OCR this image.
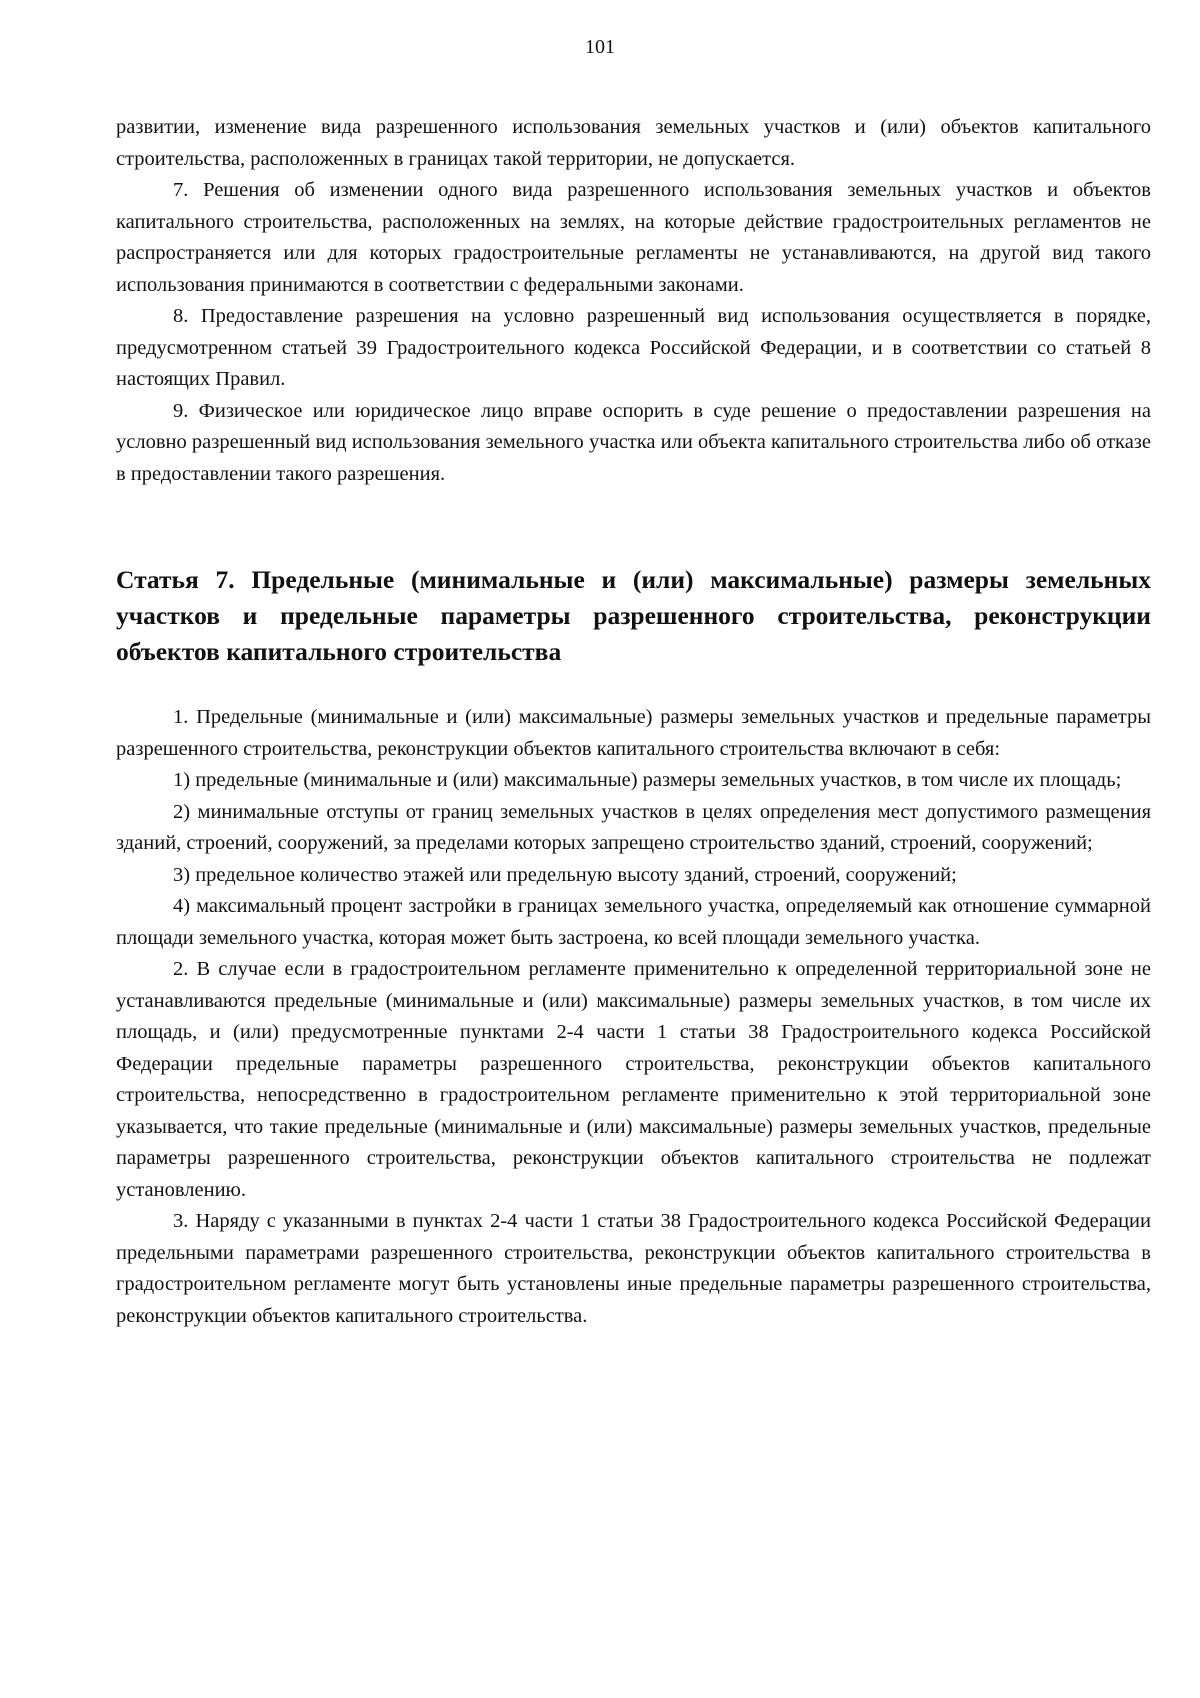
101

развитии, изменение вида разрешенного использования земельных участков и (или) объектов капитального строительства, расположенных в границах такой территории, не допускается.

7. Решения об изменении одного вида разрешенного использования земельных участков и объектов капитального строительства, расположенных на землях, на которые действие градостроительных регламентов не распространяется или для которых градостроительные регламенты не устанавливаются, на другой вид такого использования принимаются в соответствии с федеральными законами.

8. Предоставление разрешения на условно разрешенный вид использования осуществляется в порядке, предусмотренном статьей 39 Градостроительного кодекса Российской Федерации, и в соответствии со статьей 8 настоящих Правил.

9. Физическое или юридическое лицо вправе оспорить в суде решение о предоставлении разрешения на условно разрешенный вид использования земельного участка или объекта капитального строительства либо об отказе в предоставлении такого разрешения.

Статья 7. Предельные (минимальные и (или) максимальные) размеры земельных участков и предельные параметры разрешенного строительства, реконструкции объектов капитального строительства

1. Предельные (минимальные и (или) максимальные) размеры земельных участков и предельные параметры разрешенного строительства, реконструкции объектов капитального строительства включают в себя:

1) предельные (минимальные и (или) максимальные) размеры земельных участков, в том числе их площадь;

2) минимальные отступы от границ земельных участков в целях определения мест допустимого размещения зданий, строений, сооружений, за пределами которых запрещено строительство зданий, строений, сооружений;

3) предельное количество этажей или предельную высоту зданий, строений, сооружений;

4) максимальный процент застройки в границах земельного участка, определяемый как отношение суммарной площади земельного участка, которая может быть застроена, ко всей площади земельного участка.

2. В случае если в градостроительном регламенте применительно к определенной территориальной зоне не устанавливаются предельные (минимальные и (или) максимальные) размеры земельных участков, в том числе их площадь, и (или) предусмотренные пунктами 2-4 части 1 статьи 38 Градостроительного кодекса Российской Федерации предельные параметры разрешенного строительства, реконструкции объектов капитального строительства, непосредственно в градостроительном регламенте применительно к этой территориальной зоне указывается, что такие предельные (минимальные и (или) максимальные) размеры земельных участков, предельные параметры разрешенного строительства, реконструкции объектов капитального строительства не подлежат установлению.

3. Наряду с указанными в пунктах 2-4 части 1 статьи 38 Градостроительного кодекса Российской Федерации предельными параметрами разрешенного строительства, реконструкции объектов капитального строительства в градостроительном регламенте могут быть установлены иные предельные параметры разрешенного строительства, реконструкции объектов капитального строительства.
